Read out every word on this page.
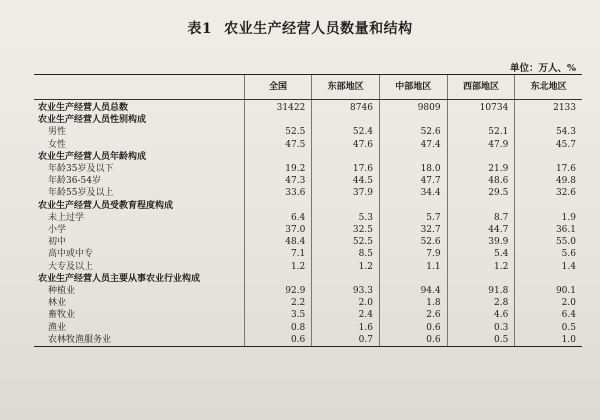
表1 农业生产经营人员数量和结构
单位：万人、%
	全国	东部地区	中部地区	西部地区	东北地区
农业生产经营人员总数	31422	8746	9809	10734	2133
农业生产经营人员性别构成					
男性	52.5	52.4	52.6	52.1	54.3
女性	47.5	47.6	47.4	47.9	45.7
农业生产经营人员年龄构成					
年龄35岁及以下	19.2	17.6	18.0	21.9	17.6
年龄36-54岁	47.3	44.5	47.7	48.6	49.8
年龄55岁及以上	33.6	37.9	34.4	29.5	32.6
农业生产经营人员受教育程度构成					
未上过学	6.4	5.3	5.7	8.7	1.9
小学	37.0	32.5	32.7	44.7	36.1
初中	48.4	52.5	52.6	39.9	55.0
高中或中专	7.1	8.5	7.9	5.4	5.6
大专及以上	1.2	1.2	1.1	1.2	1.4
农业生产经营人员主要从事农业行业构成					
种植业	92.9	93.3	94.4	91.8	90.1
林业	2.2	2.0	1.8	2.8	2.0
畜牧业	3.5	2.4	2.6	4.6	6.4
渔业	0.8	1.6	0.6	0.3	0.5
农林牧渔服务业	0.6	0.7	0.6	0.5	1.0
